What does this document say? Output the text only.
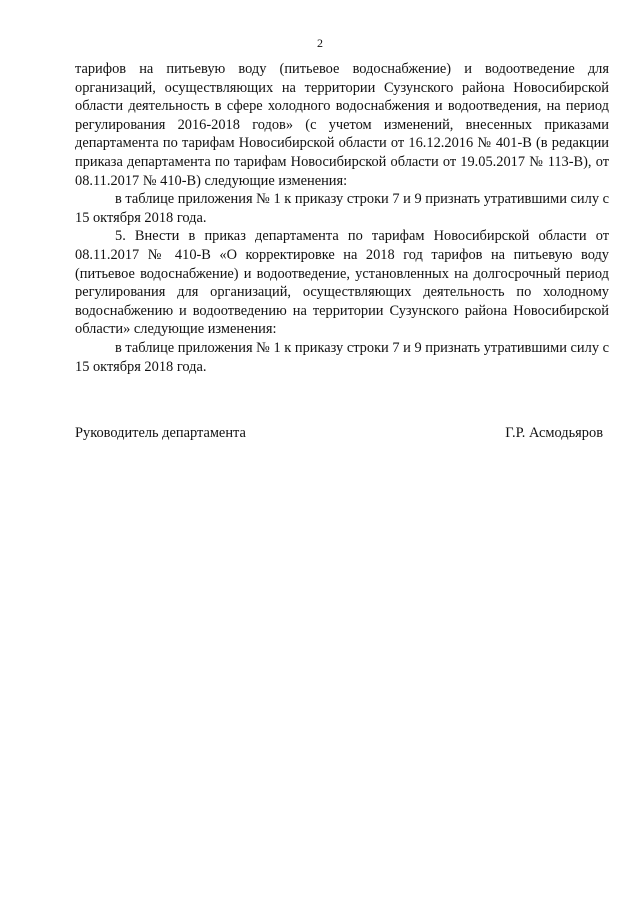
2

тарифов на питьевую воду (питьевое водоснабжение) и водоотведение для организаций, осуществляющих на территории Сузунского района Новосибирской области деятельность в сфере холодного водоснабжения и водоотведения, на период регулирования 2016-2018 годов» (с учетом изменений, внесенных приказами департамента по тарифам Новосибирской области от 16.12.2016 № 401-В (в редакции приказа департамента по тарифам Новосибирской области от 19.05.2017 № 113-В), от 08.11.2017 № 410-В) следующие изменения:

в таблице приложения № 1 к приказу строки 7 и 9 признать утратившими силу с 15 октября 2018 года.

5. Внести в приказ департамента по тарифам Новосибирской области от 08.11.2017 № 410-В «О корректировке на 2018 год тарифов на питьевую воду (питьевое водоснабжение) и водоотведение, установленных на долгосрочный период регулирования для организаций, осуществляющих деятельность по холодному водоснабжению и водоотведению на территории Сузунского района Новосибирской области» следующие изменения:

в таблице приложения № 1 к приказу строки 7 и 9 признать утратившими силу с 15 октября 2018 года.

Руководитель департамента	Г.Р. Асмодьяров
